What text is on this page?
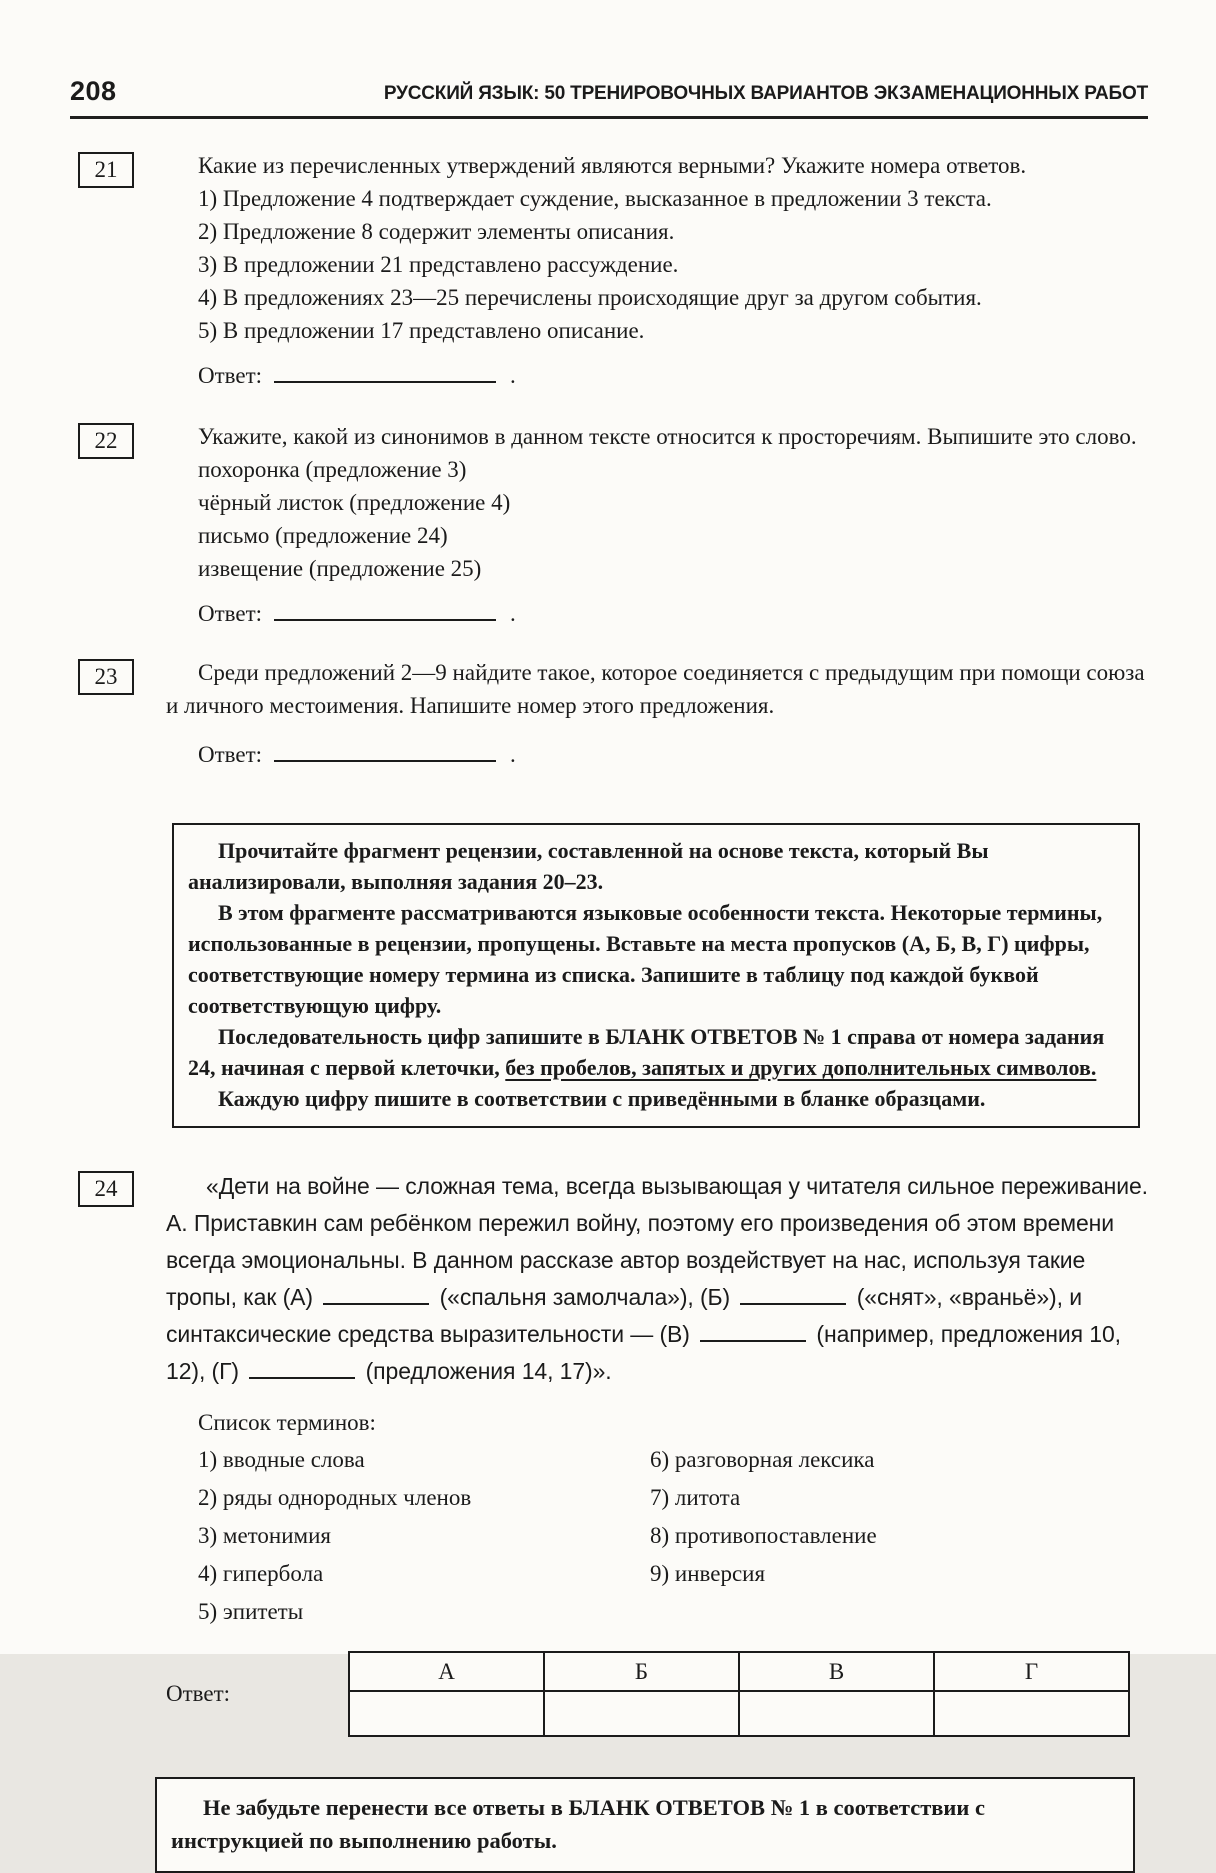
208	РУССКИЙ ЯЗЫК: 50 ТРЕНИРОВОЧНЫХ ВАРИАНТОВ ЭКЗАМЕНАЦИОННЫХ РАБОТ
21	Какие из перечисленных утверждений являются верными? Укажите номера ответов.

1) Предложение 4 подтверждает суждение, высказанное в предложении 3 текста.
2) Предложение 8 содержит элементы описания.
3) В предложении 21 представлено рассуждение.
4) В предложениях 23—25 перечислены происходящие друг за другом события.
5) В предложении 17 представлено описание.
Ответ:	.
22	Укажите, какой из синонимов в данном тексте относится к просторечиям. Выпишите это слово.

похоронка (предложение 3)
чёрный листок (предложение 4)
письмо (предложение 24)
извещение (предложение 25)
Ответ:	.
23	Среди предложений 2—9 найдите такое, которое соединяется с предыдущим при помощи союза и личного местоимения. Напишите номер этого предложения.

Ответ:	.

Прочитайте фрагмент рецензии, составленной на основе текста, который Вы анализировали, выполняя задания 20–23.

В этом фрагменте рассматриваются языковые особенности текста. Некоторые термины, использованные в рецензии, пропущены. Вставьте на места пропусков (А, Б, В, Г) цифры, соответствующие номеру термина из списка. Запишите в таблицу под каждой буквой соответствующую цифру.

Последовательность цифр запишите в БЛАНК ОТВЕТОВ № 1 справа от номера задания 24, начиная с первой клеточки, без пробелов, запятых и других дополнительных символов.

Каждую цифру пишите в соответствии с приведёнными в бланке образцами.

24	«Дети на войне — сложная тема, всегда вызывающая у читателя сильное переживание. А. Приставкин сам ребёнком пережил войну, поэтому его произведения об этом времени всегда эмоциональны. В данном рассказе автор воздействует на нас, используя такие тропы, как (А)	(«спальня замолчала»), (Б)	(«снят», «враньё»), и синтаксические средства выразительности — (В)	(например, предложения 10, 12), (Г)	(предложения 14, 17)».

Список терминов:

1) вводные слова
2) ряды однородных членов
3) метонимия
4) гипербола
5) эпитеты
6) разговорная лексика
7) литота
8) противопоставление
9) инверсия
Ответ:
А	Б	В	Г

Не забудьте перенести все ответы в БЛАНК ОТВЕТОВ № 1 в соответствии с инструкцией по выполнению работы.
